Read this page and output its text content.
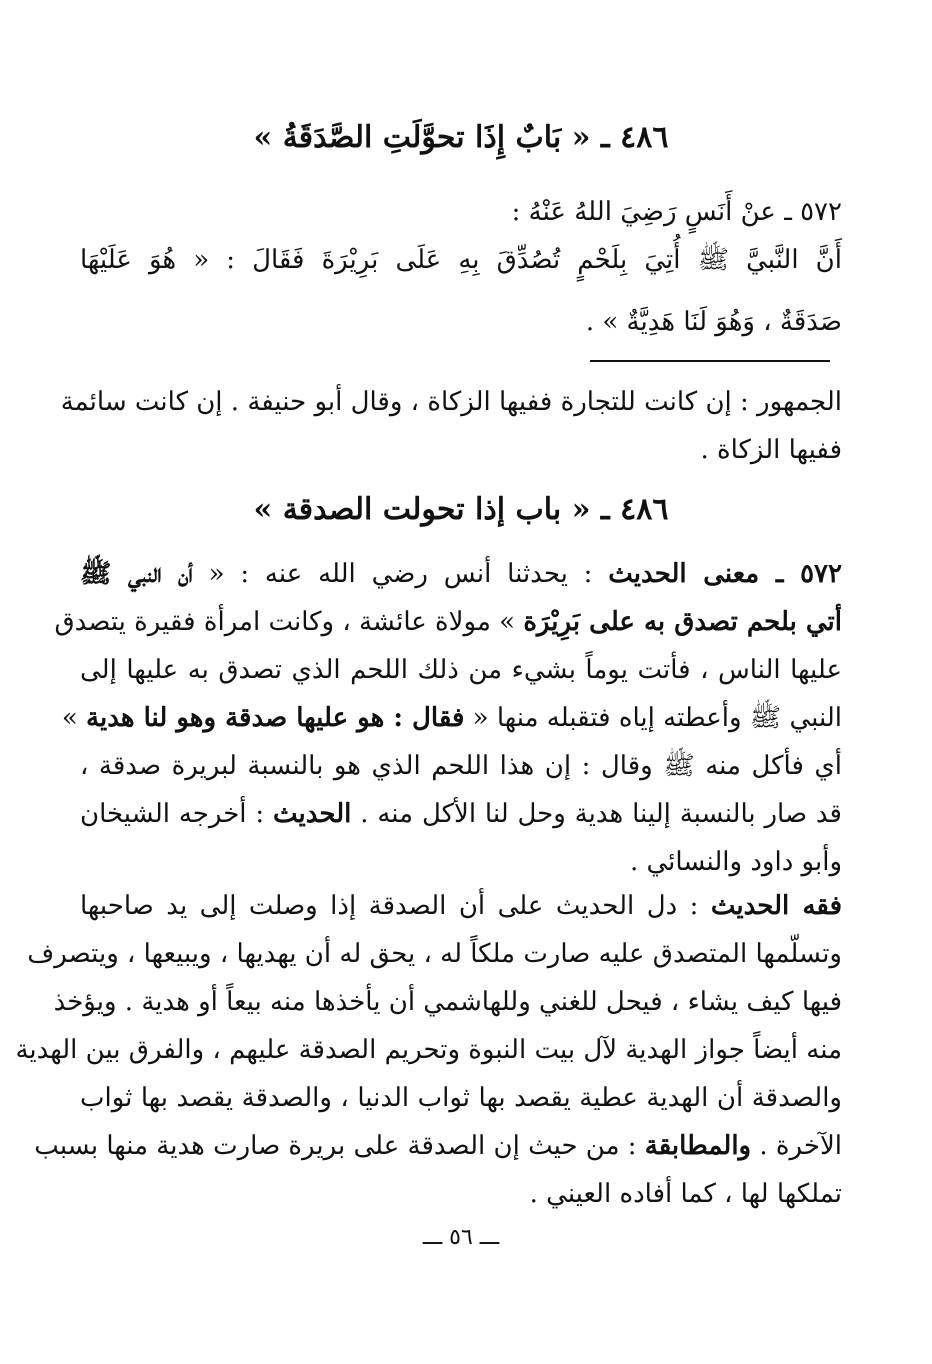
٤٨٦ ـ « بَابٌ إِذَا تحوَّلَتِ الصَّدَقَةُ »
٥٧٢ ـ عنْ أَنَسٍ رَضِيَ اللهُ عَنْهُ :
أَنَّ النَّبيَّ ﷺ أُتِيَ بِلَحْمٍ تُصُدِّقَ بِهِ عَلَى بَرِيْرَةَ فَقَالَ : « هُوَ عَلَيْهَا
صَدَقَةٌ ، وَهُوَ لَنَا هَدِيَّةٌ » .
الجمهور : إن كانت للتجارة ففيها الزكاة ، وقال أبو حنيفة . إن كانت سائمة
ففيها الزكاة .
٤٨٦ ـ « باب إذا تحولت الصدقة »
٥٧٢ ـ معنى الحديث : يحدثنا أنس رضي الله عنه : « أن النبي ﷺ
أتي بلحم تصدق به على بَرِيْرَة » مولاة عائشة ، وكانت امرأة فقيرة يتصدق
عليها الناس ، فأتت يوماً بشيء من ذلك اللحم الذي تصدق به عليها إلى
النبي ﷺ وأعطته إياه فتقبله منها « فقال : هو عليها صدقة وهو لنا هدية »
أي فأكل منه ﷺ وقال : إن هذا اللحم الذي هو بالنسبة لبريرة صدقة ،
قد صار بالنسبة إلينا هدية وحل لنا الأكل منه . الحديث : أخرجه الشيخان
وأبو داود والنسائي .
فقه الحديث : دل الحديث على أن الصدقة إذا وصلت إلى يد صاحبها
وتسلّمها المتصدق عليه صارت ملكاً له ، يحق له أن يهديها ، ويبيعها ، ويتصرف
فيها كيف يشاء ، فيحل للغني وللهاشمي أن يأخذها منه بيعاً أو هدية . ويؤخذ
منه أيضاً جواز الهدية لآل بيت النبوة وتحريم الصدقة عليهم ، والفرق بين الهدية
والصدقة أن الهدية عطية يقصد بها ثواب الدنيا ، والصدقة يقصد بها ثواب
الآخرة . والمطابقة : من حيث إن الصدقة على بريرة صارت هدية منها بسبب
تملكها لها ، كما أفاده العيني .
ـــ ٥٦ ـــ
